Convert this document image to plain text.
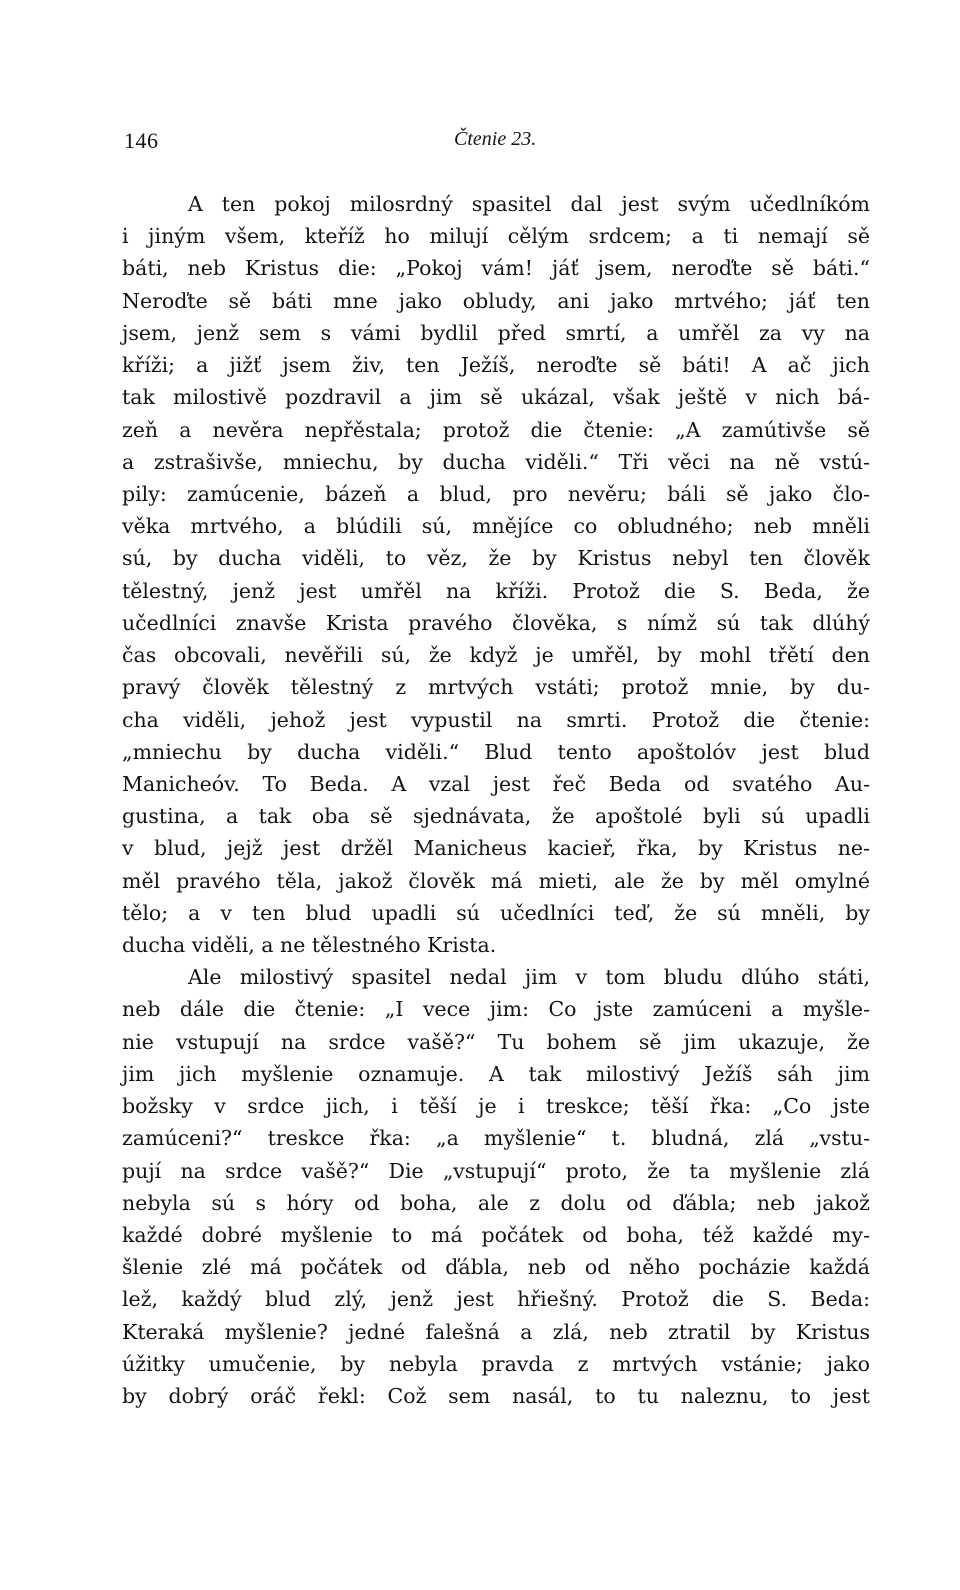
146	Čtenie 23.
A ten pokoj milosrdný spasitel dal jest svým učedlníkóm
i jiným všem, kteříž ho milují cělým srdcem; a ti nemají sě
báti, neb Kristus die: „Pokoj vám! jáť jsem, neroďte sě báti.“
Neroďte sě báti mne jako obludy, ani jako mrtvého; jáť ten
jsem, jenž sem s vámi bydlil před smrtí, a umřěl za vy na
kříži; a jižť jsem živ, ten Ježíš, neroďte sě báti! A ač jich
tak milostivě pozdravil a jim sě ukázal, však ještě v nich bá-
zeň a nevěra nepřěstala; protož die čtenie: „A zamútivše sě
a zstrašivše, mniechu, by ducha viděli.“ Tři věci na ně vstú-
pily: zamúcenie, bázeň a blud, pro nevěru; báli sě jako člo-
věka mrtvého, a blúdili sú, mnějíce co obludného; neb mněli
sú, by ducha viděli, to věz, že by Kristus nebyl ten člověk
tělestný, jenž jest umřěl na kříži. Protož die S. Beda, že
učedlníci znavše Krista pravého člověka, s nímž sú tak dlúhý
čas obcovali, nevěřili sú, že když je umřěl, by mohl třětí den
pravý člověk tělestný z mrtvých vstáti; protož mnie, by du-
cha viděli, jehož jest vypustil na smrti. Protož die čtenie:
„mniechu by ducha viděli.“ Blud tento apoštolóv jest blud
Manicheóv. To Beda. A vzal jest řeč Beda od svatého Au-
gustina, a tak oba sě sjednávata, že apoštolé byli sú upadli
v blud, jejž jest držěl Manicheus kacieř, řka, by Kristus ne-
měl pravého těla, jakož člověk má mieti, ale že by měl omylné
tělo; a v ten blud upadli sú učedlníci teď, že sú mněli, by
ducha viděli, a ne tělestného Krista.
Ale milostivý spasitel nedal jim v tom bludu dlúho státi,
neb dále die čtenie: „I vece jim: Co jste zamúceni a myšle-
nie vstupují na srdce vašě?“ Tu bohem sě jim ukazuje, že
jim jich myšlenie oznamuje. A tak milostivý Ježíš sáh jim
božsky v srdce jich, i těší je i treskce; těší řka: „Co jste
zamúceni?“ treskce řka: „a myšlenie“ t. bludná, zlá „vstu-
pují na srdce vašě?“ Die „vstupují“ proto, že ta myšlenie zlá
nebyla sú s hóry od boha, ale z dolu od ďábla; neb jakož
každé dobré myšlenie to má počátek od boha, též každé my-
šlenie zlé má počátek od ďábla, neb od něho pocházie každá
lež, každý blud zlý, jenž jest hřiešný. Protož die S. Beda:
Kteraká myšlenie? jedné falešná a zlá, neb ztratil by Kristus
úžitky umučenie, by nebyla pravda z mrtvých vstánie; jako
by dobrý oráč řekl: Což sem nasál, to tu naleznu, to jest
